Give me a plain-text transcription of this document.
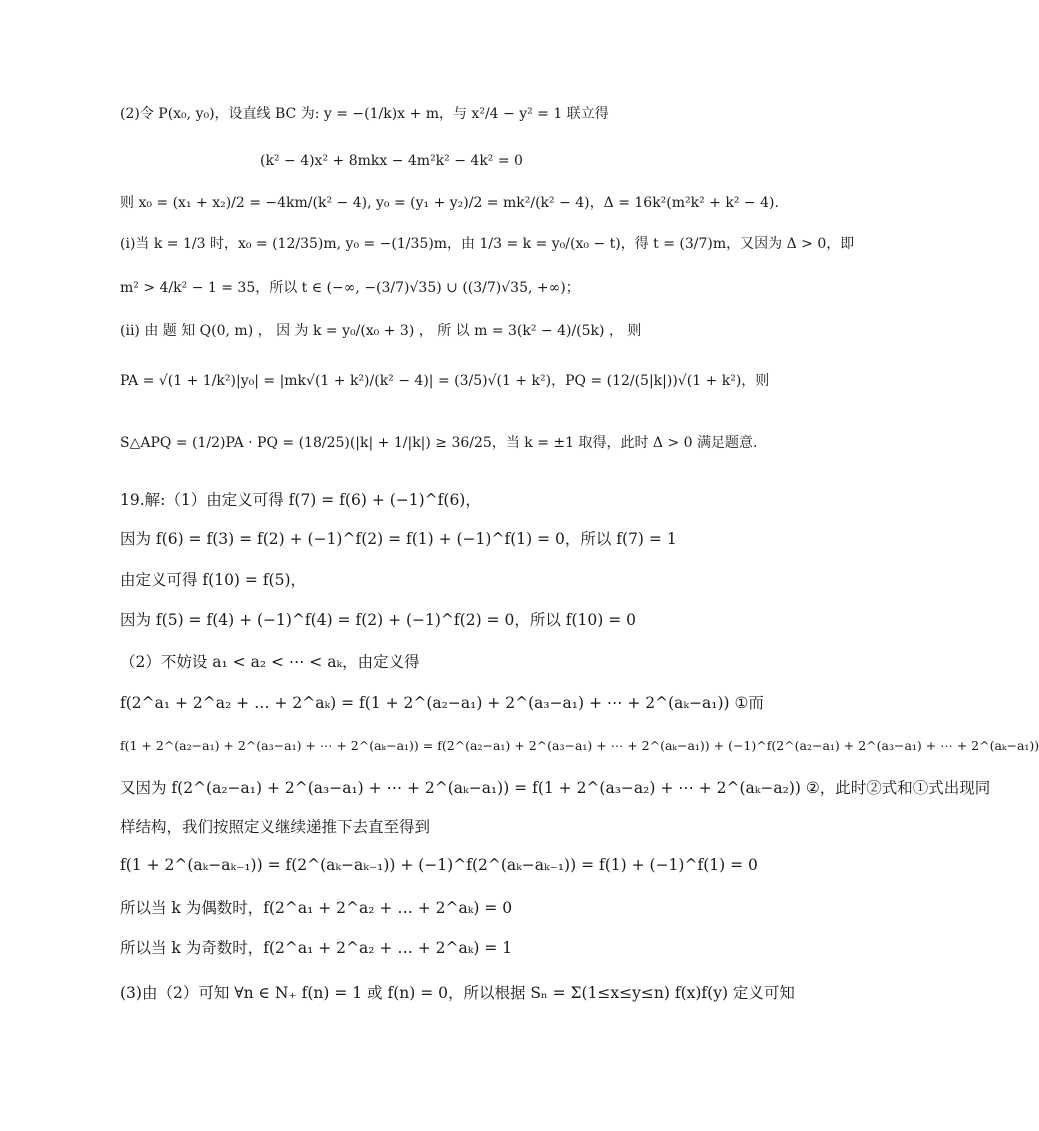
(2)令 P(x₀, y₀)，设直线 BC 为: y = −(1/k)x + m，与 x²/4 − y² = 1 联立得
(k² − 4)x² + 8mkx − 4m²k² − 4k² = 0
则 x₀ = (x₁ + x₂)/2 = −4km/(k² − 4), y₀ = (y₁ + y₂)/2 = mk²/(k² − 4)，Δ = 16k²(m²k² + k² − 4).
(i)当 k = 1/3 时，x₀ = (12/35)m, y₀ = −(1/35)m，由 1/3 = k = y₀/(x₀ − t)，得 t = (3/7)m，又因为 Δ > 0，即
m² > 4/k² − 1 = 35，所以 t ∈ (−∞, −(3/7)√35) ∪ ((3/7)√35, +∞)；
(ii) 由 题 知 Q(0, m) ， 因 为 k = y₀/(x₀ + 3) ， 所 以 m = 3(k² − 4)/(5k) ， 则
PA = √(1 + 1/k²)|y₀| = |mk√(1 + k²)/(k² − 4)| = (3/5)√(1 + k²)，PQ = (12/(5|k|))√(1 + k²)，则
S△APQ = (1/2)PA · PQ = (18/25)(|k| + 1/|k|) ≥ 36/25，当 k = ±1 取得，此时 Δ > 0 满足题意.
19.解:（1）由定义可得 f(7) = f(6) + (−1)^f(6)，
因为 f(6) = f(3) = f(2) + (−1)^f(2) = f(1) + (−1)^f(1) = 0，所以 f(7) = 1
由定义可得 f(10) = f(5)，
因为 f(5) = f(4) + (−1)^f(4) = f(2) + (−1)^f(2) = 0，所以 f(10) = 0
（2）不妨设 a₁ < a₂ < ⋯ < aₖ，由定义得
f(2^a₁ + 2^a₂ + … + 2^aₖ) = f(1 + 2^(a₂−a₁) + 2^(a₃−a₁) + ⋯ + 2^(aₖ−a₁)) ①而
f(1 + 2^(a₂−a₁) + 2^(a₃−a₁) + ⋯ + 2^(aₖ−a₁)) = f(2^(a₂−a₁) + 2^(a₃−a₁) + ⋯ + 2^(aₖ−a₁)) + (−1)^f(2^(a₂−a₁) + 2^(a₃−a₁) + ⋯ + 2^(aₖ−a₁))
又因为 f(2^(a₂−a₁) + 2^(a₃−a₁) + ⋯ + 2^(aₖ−a₁)) = f(1 + 2^(a₃−a₂) + ⋯ + 2^(aₖ−a₂)) ②，此时②式和①式出现同
样结构，我们按照定义继续递推下去直至得到
f(1 + 2^(aₖ−aₖ₋₁)) = f(2^(aₖ−aₖ₋₁)) + (−1)^f(2^(aₖ−aₖ₋₁)) = f(1) + (−1)^f(1) = 0
所以当 k 为偶数时，f(2^a₁ + 2^a₂ + … + 2^aₖ) = 0
所以当 k 为奇数时，f(2^a₁ + 2^a₂ + … + 2^aₖ) = 1
(3)由（2）可知 ∀n ∈ N₊ f(n) = 1 或 f(n) = 0，所以根据 Sₙ = Σ(1≤x≤y≤n) f(x)f(y) 定义可知
